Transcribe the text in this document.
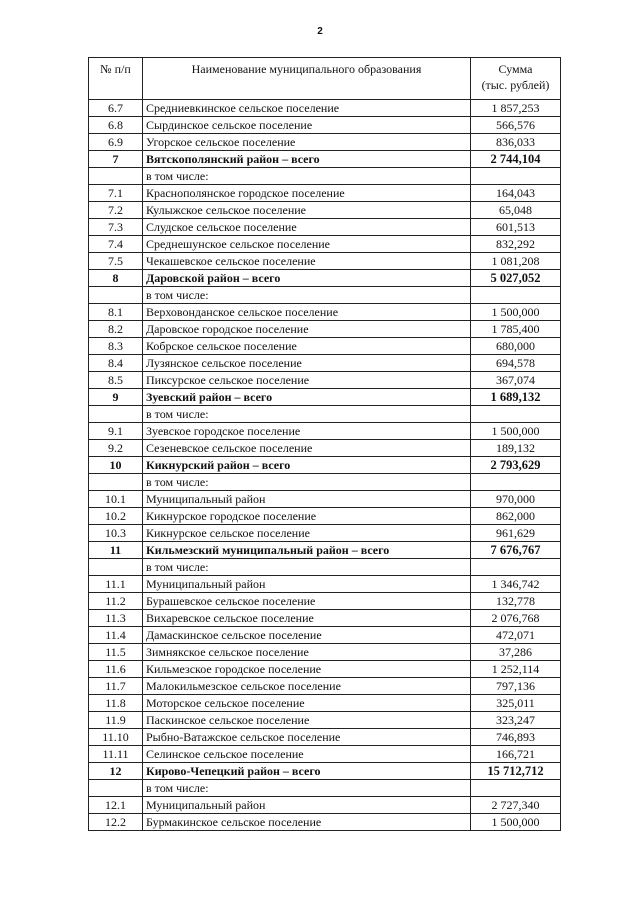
2
№ п/п	Наименование муниципального образования	Сумма
(тыс. рублей)

6.7	Средниевкинское сельское поселение	1 857,253
6.8	Сырдинское сельское поселение	566,576
6.9	Угорское сельское поселение	836,033
7	Вятскополянский район – всего	2 744,104
	в том числе:	
7.1	Краснополянское городское поселение	164,043
7.2	Кулыжское сельское поселение	65,048
7.3	Слудское сельское поселение	601,513
7.4	Среднешунское сельское поселение	832,292
7.5	Чекашевское сельское поселение	1 081,208
8	Даровской район – всего	5 027,052
	в том числе:	
8.1	Верховонданское сельское поселение	1 500,000
8.2	Даровское городское поселение	1 785,400
8.3	Кобрское сельское поселение	680,000
8.4	Лузянское сельское поселение	694,578
8.5	Пиксурское сельское поселение	367,074
9	Зуевский район – всего	1 689,132
	в том числе:	
9.1	Зуевское городское поселение	1 500,000
9.2	Сезеневское сельское поселение	189,132
10	Кикнурский район – всего	2 793,629
	в том числе:	
10.1	Муниципальный район	970,000
10.2	Кикнурское городское поселение	862,000
10.3	Кикнурское сельское поселение	961,629
11	Кильмезский муниципальный район – всего	7 676,767
	в том числе:	
11.1	Муниципальный район	1 346,742
11.2	Бурашевское сельское поселение	132,778
11.3	Вихаревское сельское поселение	2 076,768
11.4	Дамаскинское сельское поселение	472,071
11.5	Зимнякское сельское поселение	37,286
11.6	Кильмезское городское поселение	1 252,114
11.7	Малокильмезское сельское поселение	797,136
11.8	Моторское сельское поселение	325,011
11.9	Паскинское сельское поселение	323,247
11.10	Рыбно-Ватажское сельское поселение	746,893
11.11	Селинское сельское поселение	166,721
12	Кирово-Чепецкий район – всего	15 712,712
	в том числе:	
12.1	Муниципальный район	2 727,340
12.2	Бурмакинское сельское поселение	1 500,000
